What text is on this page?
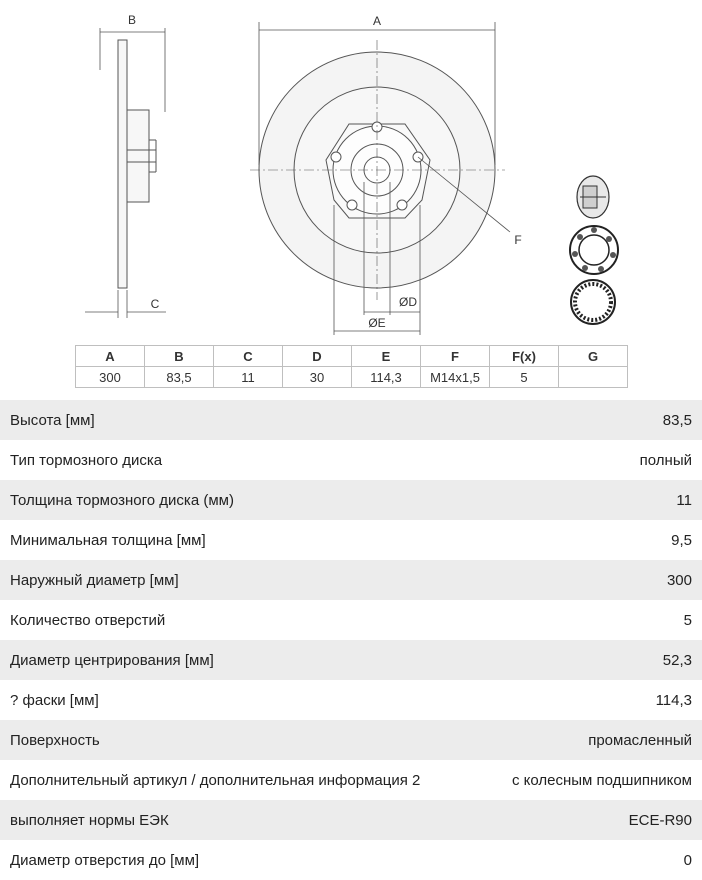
B
C
A
ØD
ØE
F
A	B	C	D	E	F	F(x)	G
300	83,5	11	30	114,3	M14x1,5	5	
Высота [мм]	83,5
Тип тормозного диска	полный
Толщина тормозного диска (мм)	11
Минимальная толщина [мм]	9,5
Наружный диаметр [мм]	300
Количество отверстий	5
Диаметр центрирования [мм]	52,3
? фаски [мм]	114,3
Поверхность	промасленный
Дополнительный артикул / дополнительная информация 2	с колесным подшипником
выполняет нормы ЕЭК	ECE-R90
Диаметр отверстия до [мм]	0
